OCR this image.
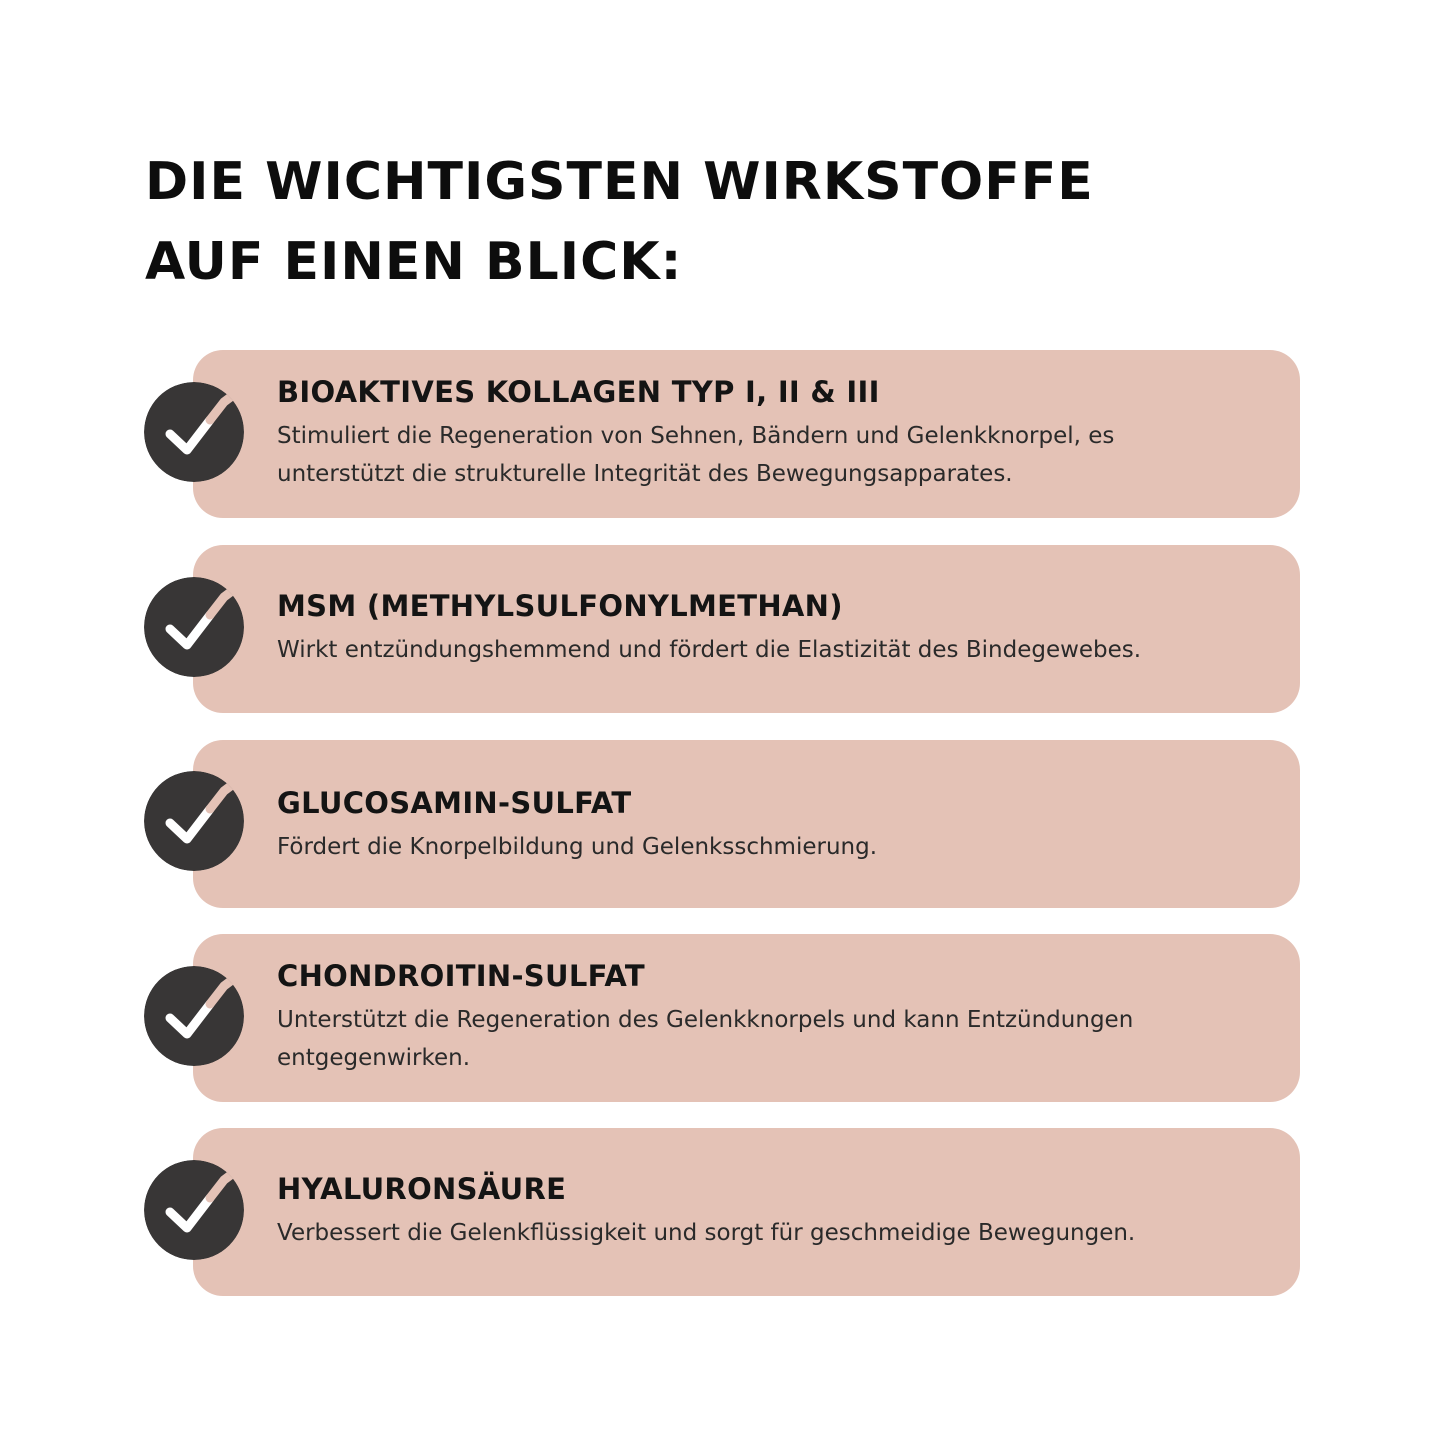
DIE WICHTIGSTEN WIRKSTOFFE
AUF EINEN BLICK:
BIOAKTIVES KOLLAGEN TYP I, II & III

Stimuliert die Regeneration von Sehnen, Bändern und Gelenkknorpel, es
unterstützt die strukturelle Integrität des Bewegungsapparates.

MSM (METHYLSULFONYLMETHAN)

Wirkt entzündungshemmend und fördert die Elastizität des Bindegewebes.

GLUCOSAMIN-SULFAT

Fördert die Knorpelbildung und Gelenksschmierung.

CHONDROITIN-SULFAT

Unterstützt die Regeneration des Gelenkknorpels und kann Entzündungen
entgegenwirken.

HYALURONSÄURE

Verbessert die Gelenkflüssigkeit und sorgt für geschmeidige Bewegungen.
